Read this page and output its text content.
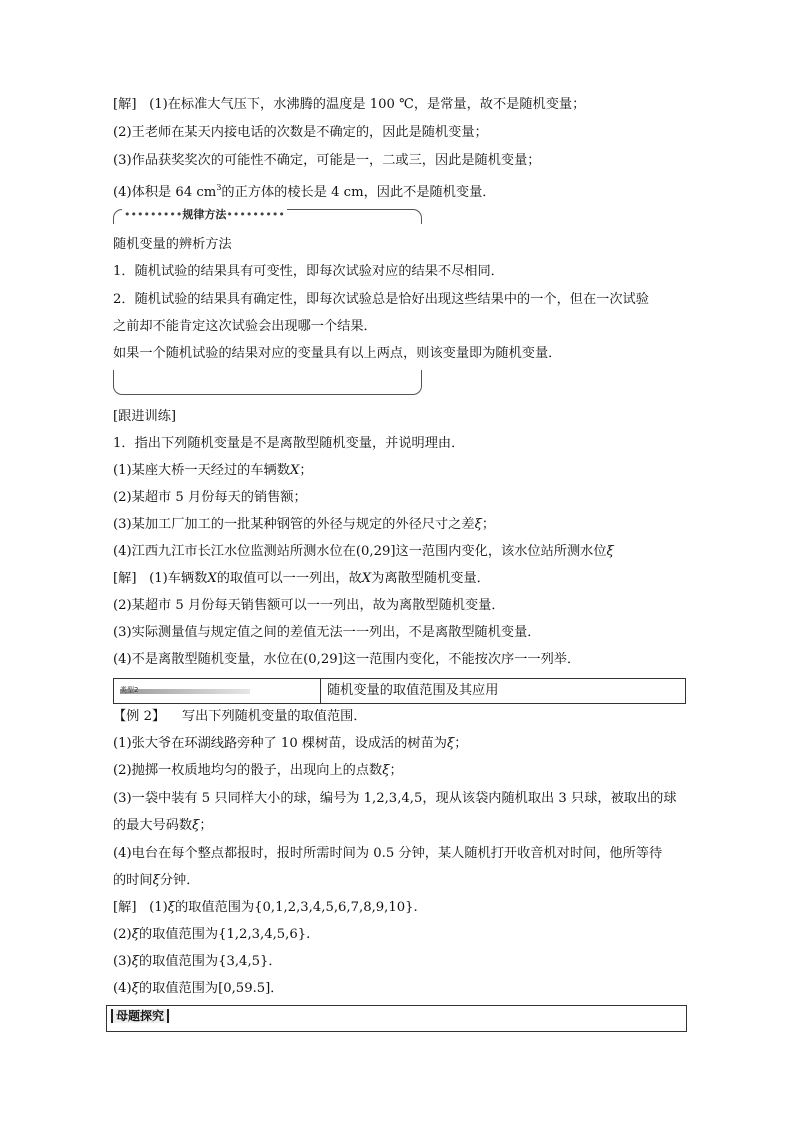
[解] (1)在标准大气压下，水沸腾的温度是 100 ℃，是常量，故不是随机变量；
(2)王老师在某天内接电话的次数是不确定的，因此是随机变量；
(3)作品获奖奖次的可能性不确定，可能是一，二或三，因此是随机变量；
(4)体积是 64 $cm^3$的正方体的棱长是 4 cm，因此不是随机变量．
•••••••••规律方法•••••••••
随机变量的辨析方法
1．随机试验的结果具有可变性，即每次试验对应的结果不尽相同．
2．随机试验的结果具有确定性，即每次试验总是恰好出现这些结果中的一个，但在一次试验
之前却不能肯定这次试验会出现哪一个结果．
如果一个随机试验的结果对应的变量具有以上两点，则该变量即为随机变量．
[跟进训练]
1．指出下列随机变量是不是离散型随机变量，并说明理由．
(1)某座大桥一天经过的车辆数X；
(2)某超市 5 月份每天的销售额；
(3)某加工厂加工的一批某种钢管的外径与规定的外径尺寸之差ξ；
(4)江西九江市长江水位监测站所测水位在(0,29]这一范围内变化，该水位站所测水位ξ
[解] (1)车辆数X的取值可以一一列出，故X为离散型随机变量．
(2)某超市 5 月份每天销售额可以一一列出，故为离散型随机变量．
(3)实际测量值与规定值之间的差值无法一一列出，不是离散型随机变量．
(4)不是离散型随机变量，水位在(0,29]这一范围内变化，不能按次序一一列举．
类型2	随机变量的取值范围及其应用
【例 2】 写出下列随机变量的取值范围．
(1)张大爷在环湖线路旁种了 10 棵树苗，设成活的树苗为ξ；
(2)抛掷一枚质地均匀的骰子，出现向上的点数ξ；
(3)一袋中装有 5 只同样大小的球，编号为 1,2,3,4,5，现从该袋内随机取出 3 只球，被取出的球
的最大号码数ξ；
(4)电台在每个整点都报时，报时所需时间为 0.5 分钟，某人随机打开收音机对时间，他所等待
的时间ξ分钟．
[解] (1)ξ的取值范围为{0,1,2,3,4,5,6,7,8,9,10}.
(2)ξ的取值范围为{1,2,3,4,5,6}.
(3)ξ的取值范围为{3,4,5}．
(4)ξ的取值范围为[0,59.5]．
母题探究
